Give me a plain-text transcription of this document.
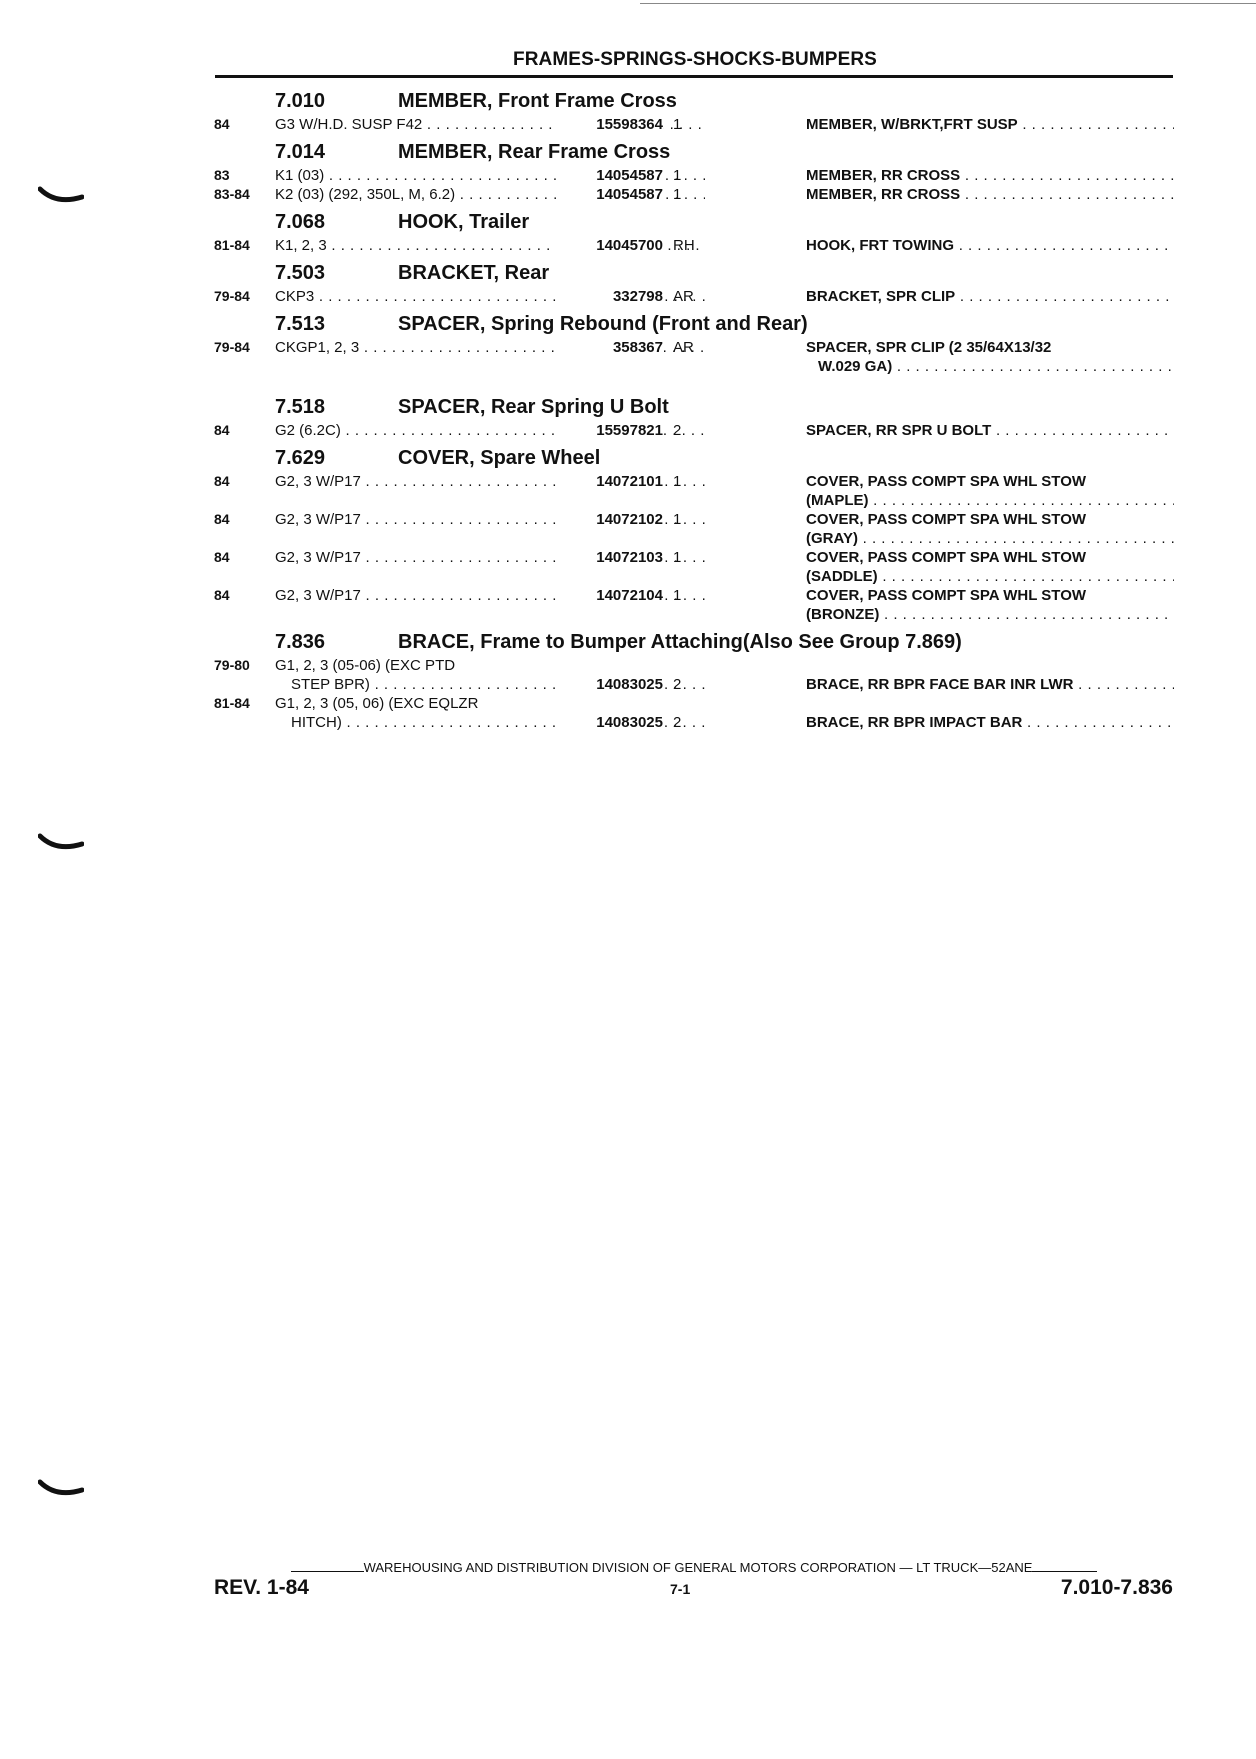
FRAMES-SPRINGS-SHOCKS-BUMPERS
7.010	MEMBER, Front Frame Cross
84	G3 W/H.D. SUSP F42 . . .	15598364 1	MEMBER, W/BRKT,FRT SUSP . . .
7.014	MEMBER, Rear Frame Cross
83	K1 (03) . . .	14054587 1	MEMBER, RR CROSS . . .
83-84 K2 (03) (292, 350L, M, 6.2) . . .	14054587 1	MEMBER, RR CROSS . . .
7.068	HOOK, Trailer
81-84 K1, 2, 3 . . .	14045700 RH	HOOK, FRT TOWING . . .
7.503	BRACKET, Rear
79-84 CKP3 . . .	332798 AR	BRACKET, SPR CLIP . . .
7.513	SPACER, Spring Rebound (Front and Rear)
79-84 CKGP1, 2, 3 . . .	358367 AR	SPACER, SPR CLIP (2 35/64X13/32
W.029 GA) . . .
7.518	SPACER, Rear Spring U Bolt
84	G2 (6.2C) . . .	15597821 2	SPACER, RR SPR U BOLT . . .
7.629	COVER, Spare Wheel
84	G2, 3 W/P17 . . .	14072101 1	COVER, PASS COMPT SPA WHL STOW
(MAPLE) . . .
84	G2, 3 W/P17 . . .	14072102 1	COVER, PASS COMPT SPA WHL STOW
(GRAY) . . .
84	G2, 3 W/P17 . . .	14072103 1	COVER, PASS COMPT SPA WHL STOW
(SADDLE) . . .
84	G2, 3 W/P17 . . .	14072104 1	COVER, PASS COMPT SPA WHL STOW
(BRONZE) . . .
7.836	BRACE, Frame to Bumper Attaching(Also See Group 7.869)
79-80 G1, 2, 3 (05-06) (EXC PTD
STEP BPR) . . .	14083025 2	BRACE, RR BPR FACE BAR INR LWR . . .
81-84 G1, 2, 3 (05, 06) (EXC EQLZR
HITCH) . . .	14083025 2	BRACE, RR BPR IMPACT BAR . . .
WAREHOUSING AND DISTRIBUTION DIVISION OF GENERAL MOTORS CORPORATION — LT TRUCK—52ANE
REV. 1-84	7-1	7.010-7.836
